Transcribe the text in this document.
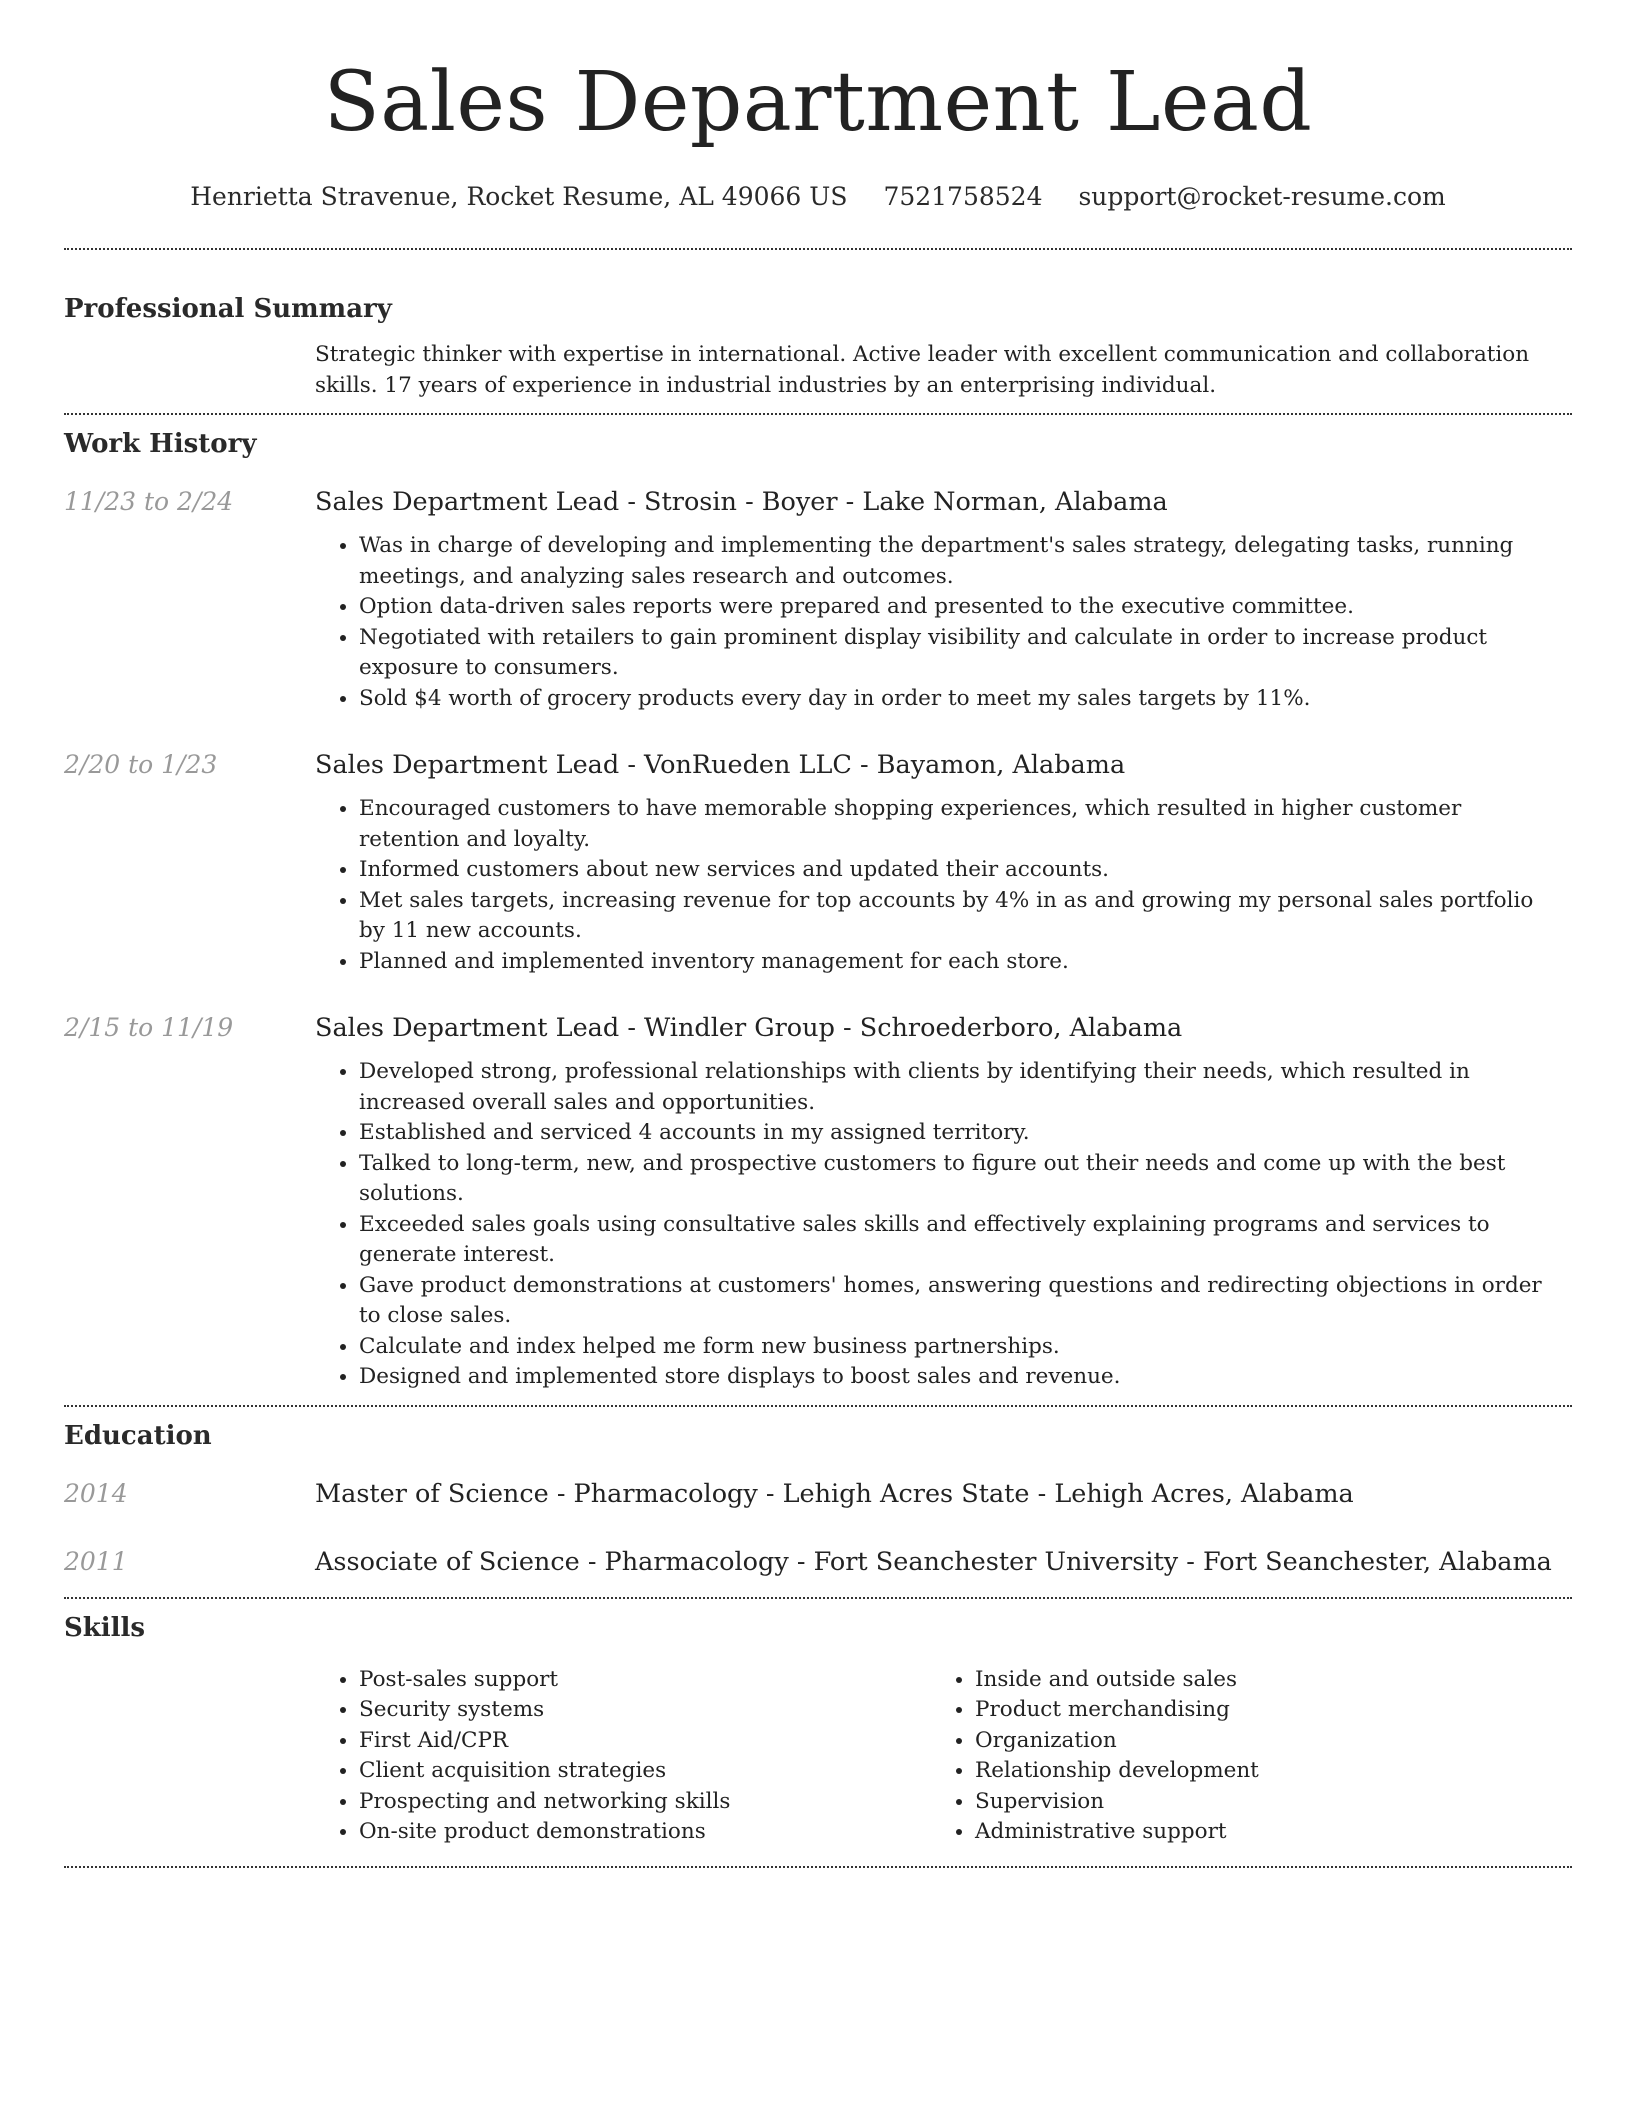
Sales Department Lead
Henrietta Stravenue, Rocket Resume, AL 49066 US 7521758524 support@rocket-resume.com
Professional Summary

Strategic thinker with expertise in international. Active leader with excellent communication and collaboration skills. 17 years of experience in industrial industries by an enterprising individual.

Work History
11/23 to 2/24	Sales Department Lead - Strosin - Boyer - Lake Norman, Alabama
• Was in charge of developing and implementing the department's sales strategy, delegating tasks, running meetings, and analyzing sales research and outcomes.
• Option data-driven sales reports were prepared and presented to the executive committee.
• Negotiated with retailers to gain prominent display visibility and calculate in order to increase product exposure to consumers.
• Sold $4 worth of grocery products every day in order to meet my sales targets by 11%.
2/20 to 1/23	Sales Department Lead - VonRueden LLC - Bayamon, Alabama
• Encouraged customers to have memorable shopping experiences, which resulted in higher customer retention and loyalty.
• Informed customers about new services and updated their accounts.
• Met sales targets, increasing revenue for top accounts by 4% in as and growing my personal sales portfolio by 11 new accounts.
• Planned and implemented inventory management for each store.
2/15 to 11/19	Sales Department Lead - Windler Group - Schroederboro, Alabama
• Developed strong, professional relationships with clients by identifying their needs, which resulted in increased overall sales and opportunities.
• Established and serviced 4 accounts in my assigned territory.
• Talked to long-term, new, and prospective customers to figure out their needs and come up with the best solutions.
• Exceeded sales goals using consultative sales skills and effectively explaining programs and services to generate interest.
• Gave product demonstrations at customers' homes, answering questions and redirecting objections in order to close sales.
• Calculate and index helped me form new business partnerships.
• Designed and implemented store displays to boost sales and revenue.
Education
2014	Master of Science - Pharmacology - Lehigh Acres State - Lehigh Acres, Alabama
2011	Associate of Science - Pharmacology - Fort Seanchester University - Fort Seanchester, Alabama
Skills
• Post-sales support
• Security systems
• First Aid/CPR
• Client acquisition strategies
• Prospecting and networking skills
• On-site product demonstrations
• Inside and outside sales
• Product merchandising
• Organization
• Relationship development
• Supervision
• Administrative support
